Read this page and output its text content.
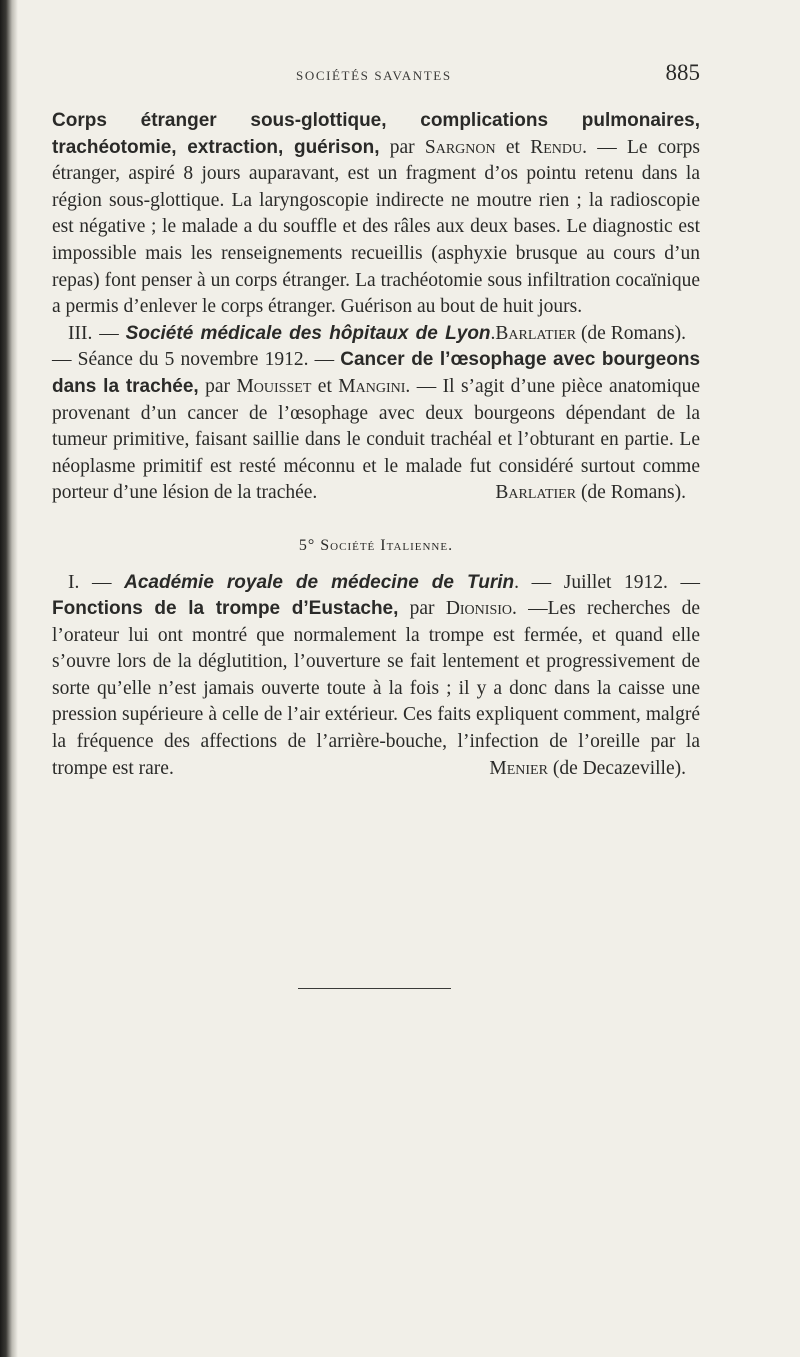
SOCIÉTÉS SAVANTES	885

Corps étranger sous-glottique, complications pulmonaires, trachéotomie, extraction, guérison, par Sargnon et Rendu. — Le corps étranger, aspiré 8 jours auparavant, est un fragment d’os pointu retenu dans la région sous-glottique. La laryngoscopie indirecte ne moutre rien ; la radioscopie est négative ; le malade a du souffle et des râles aux deux bases. Le diagnostic est impossible mais les renseignements recueillis (asphyxie brusque au cours d’un repas) font penser à un corps étranger. La trachéotomie sous infiltration cocaïnique a permis d’enlever le corps étranger. Guérison au bout de huit jours.
Barlatier (de Romans).

III. — Société médicale des hôpitaux de Lyon. — Séance du 5 novembre 1912. — Cancer de l’œsophage avec bourgeons dans la trachée, par Mouisset et Mangini. — Il s’agit d’une pièce anatomique provenant d’un cancer de l’œsophage avec deux bourgeons dépendant de la tumeur primitive, faisant saillie dans le conduit trachéal et l’obturant en partie. Le néoplasme primitif est resté méconnu et le malade fut considéré surtout comme porteur d’une lésion de la trachée.	Barlatier (de Romans).

5° Société Italienne.

I. — Académie royale de médecine de Turin. — Juillet 1912. —Fonctions de la trompe d’Eustache, par Dionisio. —Les recherches de l’orateur lui ont montré que normalement la trompe est fermée, et quand elle s’ouvre lors de la déglutition, l’ouverture se fait lentement et progressivement de sorte qu’elle n’est jamais ouverte toute à la fois ; il y a donc dans la caisse une pression supérieure à celle de l’air extérieur. Ces faits expliquent comment, malgré la fréquence des affections de l’arrière-bouche, l’infection de l’oreille par la trompe est rare.	Menier (de Decazeville).
